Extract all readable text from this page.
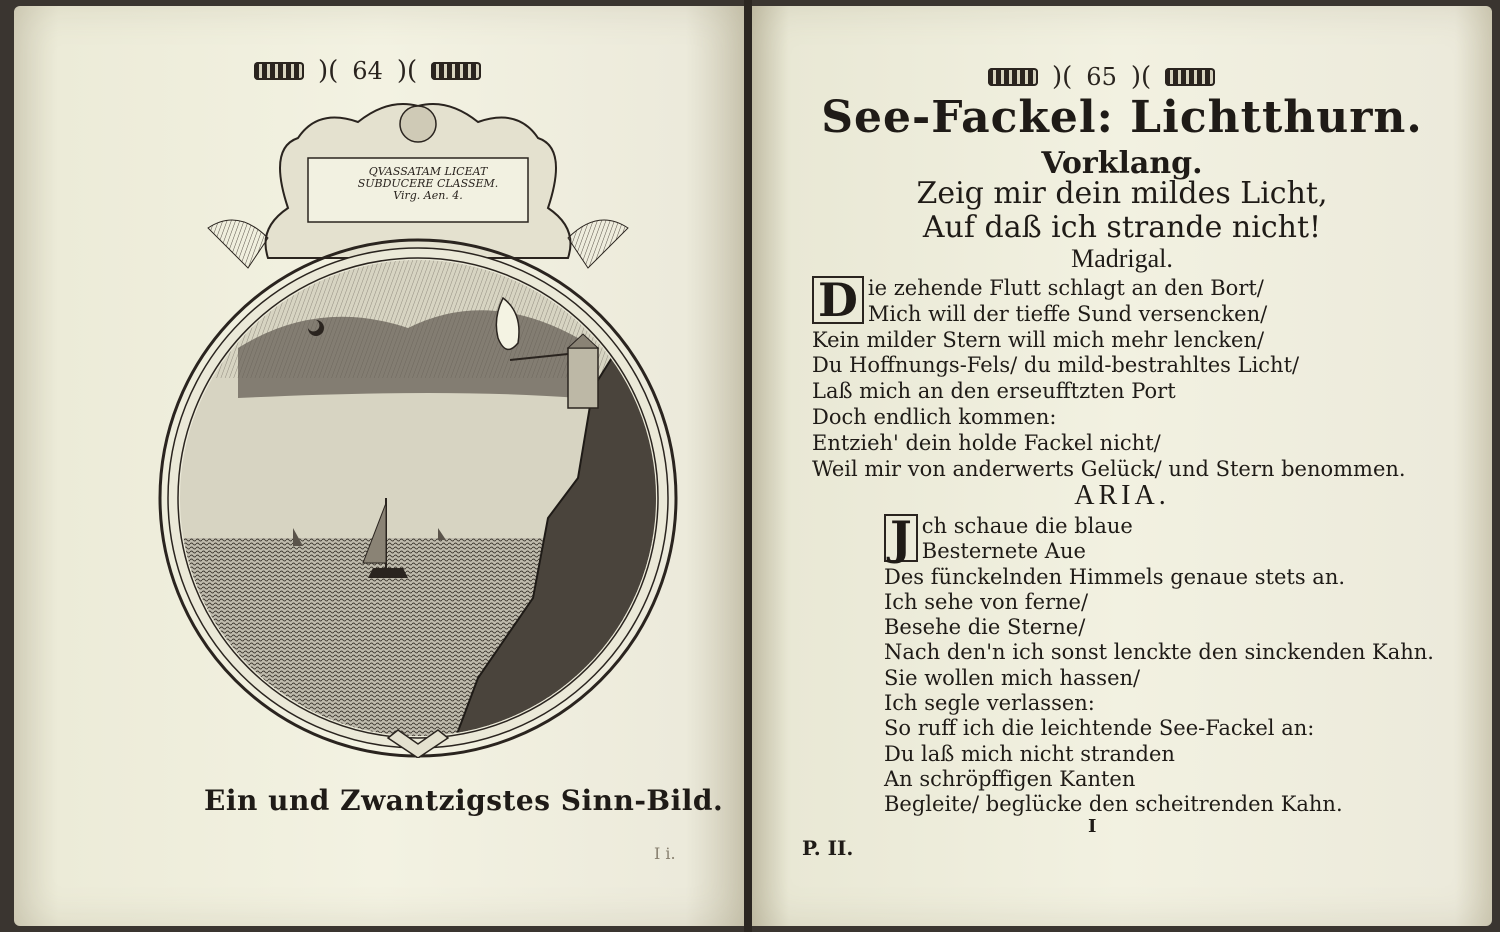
)( 64 )(
QVASSATAM LICEAT
SUBDUCERE CLASSEM.
Virg. Aen. 4.
Ein und Zwantzigstes Sinn-Bild.
I i.
)( 65 )(
See-Fackel: Lichtthurn.
Vorklang.
Zeig mir dein mildes Licht,
Auf daß ich strande nicht!
Madrigal.
D ie zehende Flutt schlagt an den Bort/
Mich will der tieffe Sund versencken/
Kein milder Stern will mich mehr lencken/
Du Hoffnungs-Fels/ du mild-bestrahltes Licht/
Laß mich an den erseufftzten Port
Doch endlich kommen:
Entzieh' dein holde Fackel nicht/
Weil mir von anderwerts Gelück/ und Stern benommen.
ARIA.
J ch schaue die blaue
Besternete Aue
Des fünckelnden Himmels genaue stets an.
Ich sehe von ferne/
Besehe die Sterne/
Nach den'n ich sonst lenckte den sinckenden Kahn.
Sie wollen mich hassen/
Ich segle verlassen:
So ruff ich die leichtende See-Fackel an:
Du laß mich nicht stranden
An schröpffigen Kanten
Begleite/ beglücke den scheitrenden Kahn.
I
P. II.
